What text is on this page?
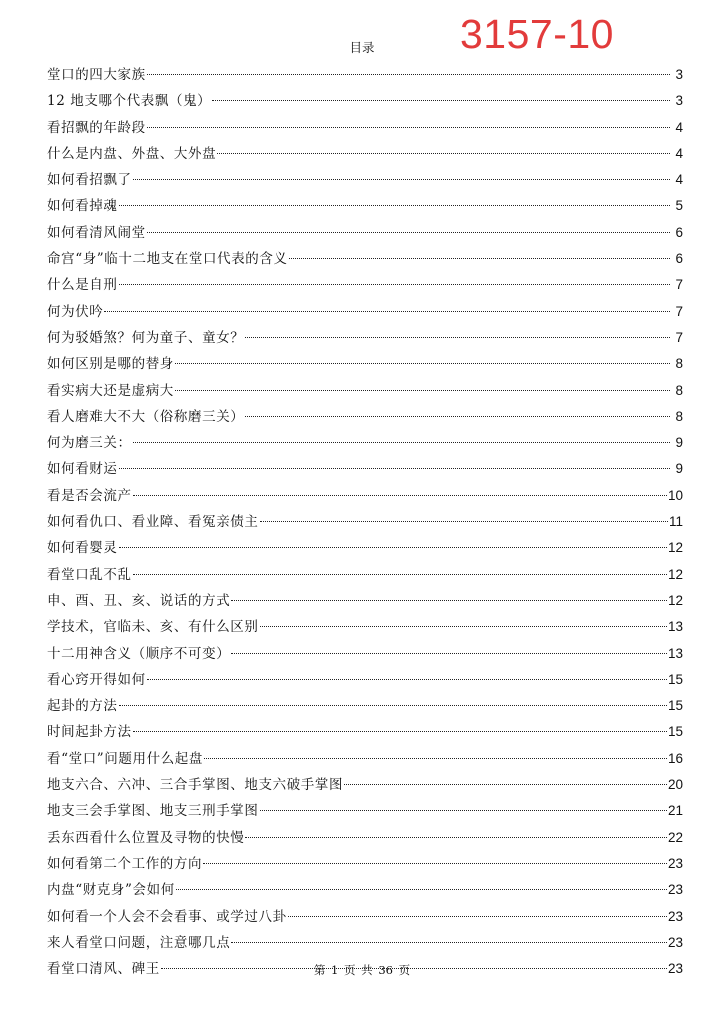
3157-10
目录
堂口的四大家族	3
12 地支哪个代表飘（鬼）	3
看招飘的年龄段	4
什么是内盘、外盘、大外盘	4
如何看招飘了	4
如何看掉魂	5
如何看清风闹堂	6
命宫“身”临十二地支在堂口代表的含义	6
什么是自刑	7
何为伏吟	7
何为驳婚煞？何为童子、童女？	7
如何区别是哪的替身	8
看实病大还是虚病大	8
看人磨难大不大（俗称磨三关）	8
何为磨三关：	9
如何看财运	9
看是否会流产	10
如何看仇口、看业障、看冤亲债主	11
如何看婴灵	12
看堂口乱不乱	12
申、酉、丑、亥、说话的方式	12
学技术，官临未、亥、有什么区别	13
十二用神含义（顺序不可变）	13
看心窍开得如何	15
起卦的方法	15
时间起卦方法	15
看“堂口”问题用什么起盘	16
地支六合、六冲、三合手掌图、地支六破手掌图	20
地支三会手掌图、地支三刑手掌图	21
丢东西看什么位置及寻物的快慢	22
如何看第二个工作的方向	23
内盘“财克身”会如何	23
如何看一个人会不会看事、或学过八卦	23
来人看堂口问题，注意哪几点	23
看堂口清风、碑王	23
第 1 页 共 36 页
